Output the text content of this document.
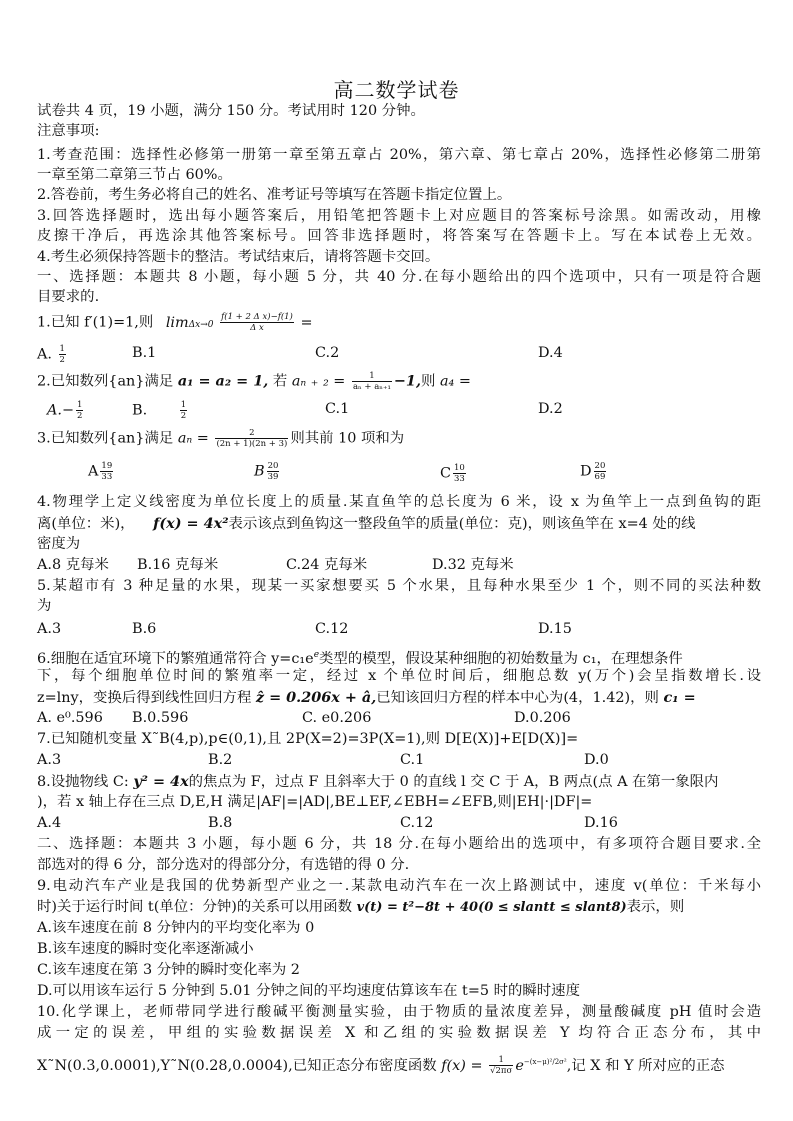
高二数学试卷
试卷共 4 页，19 小题，满分 150 分。考试用时 120 分钟。
注意事项:
1.考查范围：选择性必修第一册第一章至第五章占 20%，第六章、第七章占 20%，选择性必修第二册第
一章至第二章第三节占 60%。
2.答卷前，考生务必将自己的姓名、准考证号等填写在答题卡指定位置上。
3.回答选择题时，选出每小题答案后，用铅笔把答题卡上对应题目的答案标号涂黑。如需改动，用橡
皮擦干净后，再选涂其他答案标号。回答非选择题时，将答案写在答题卡上。写在本试卷上无效。
4.考生必须保持答题卡的整洁。考试结束后，请将答题卡交回。
一、选择题：本题共 8 小题，每小题 5 分，共 40 分.在每小题给出的四个选项中，只有一项是符合题
目要求的.
1.已知 f′(1)=1,则 $\lim\Delta x\to 0 \frac{\text{f(1 + 2 Δ x)−f(1)}}{\text{Δ x}}$ =
A. $\frac{1}{2}$	B.1	C.2	D.4
2.已知数列{an}满足 a₁ = a₂ = 1, 若 aₙ ₊ $_2 = \frac{1}{\text{aₙ + aₙ₊₁}} -1$,则 a₄ =
$A.- \frac{1}{2}$	B.	$\frac{1}{2}$	C.1	D.2
3.已知数列{an}满足 $a_n = \frac{2}{(2n + 1)(2n + 3)}$ 则其前 10 项和为
A $\frac{19}{33}$	B $\frac{20}{39}$	C $\frac{10}{33}$	D $\frac{20}{69}$
4.物理学上定义线密度为单位长度上的质量.某直鱼竿的总长度为 6 米，设 x 为鱼竿上一点到鱼钩的距
离(单位：米)， f(x) = 4x²表示该点到鱼钩这一整段鱼竿的质量(单位：克)，则该鱼竿在 x=4 处的线
密度为
A.8 克每米 B.16 克每米	C.24 克每米	D.32 克每米
5.某超市有 3 种足量的水果，现某一买家想要买 5 个水果，且每种水果至少 1 个，则不同的买法种数
为
A.3	B.6	C.12	D.15
6.细胞在适宜环境下的繁殖通常符合 $y=c_1e^e$类型的模型，假设某种细胞的初始数量为 c₁，在理想条件
下，每个细胞单位时间的繁殖率一定，经过 x 个单位时间后，细胞总数 y(万个)会呈指数增长.设
z=lny，变换后得到线性回归方程 ẑ = 0.206x + â,已知该回归方程的样本中心为(4，1.42)，则 c₁ =
A. e⁰.596 B.0.596	C. e0.206	D.0.206
7.已知随机变量 X˜B(4,p),p∈(0,1),且 2P(X=2)=3P(X=1),则 D[E(X)]+E[D(X)]=
A.3	B.2	C.1	D.0
8.设抛物线 C: y² = 4x的焦点为 F，过点 F 且斜率大于 0 的直线 l 交 C 于 A，B 两点(点 A 在第一象限内
)，若 x 轴上存在三点 D,E,H 满足|AF|=|AD|,BE⊥EF,∠EBH=∠EFB,则|EH|·|DF|=
A.4	B.8	C.12	D.16
二、选择题：本题共 3 小题，每小题 6 分，共 18 分.在每小题给出的选项中，有多项符合题目要求.全
部选对的得 6 分，部分选对的得部分分，有选错的得 0 分.
9.电动汽车产业是我国的优势新型产业之一.某款电动汽车在一次上路测试中，速度 v(单位：千米每小
时)关于运行时间 t(单位：分钟)的关系可以用函数 v(t) = t²−8t + 40(0 ≤ slantt ≤ slant8)表示，则
A.该车速度在前 8 分钟内的平均变化率为 0
B.该车速度的瞬时变化率逐渐减小
C.该车速度在第 3 分钟的瞬时变化率为 2
D.可以用该车运行 5 分钟到 5.01 分钟之间的平均速度估算该车在 t=5 时的瞬时速度
10.化学课上，老师带同学进行酸碱平衡测量实验，由于物质的量浓度差异，测量酸碱度 pH 值时会造
成一定的误差，甲组的实验数据误差 X 和乙组的实验数据误差 Y 均符合正态分布，其中
X˜N(0.3,0.0001),Y˜N(0.28,0.0004),已知正态分布密度函数 $f(x) = \frac{1}{√2\pi\sigma} e^{-(x-\mu)^2/2\sigma^2}$,记 X 和 Y 所对应的正态
